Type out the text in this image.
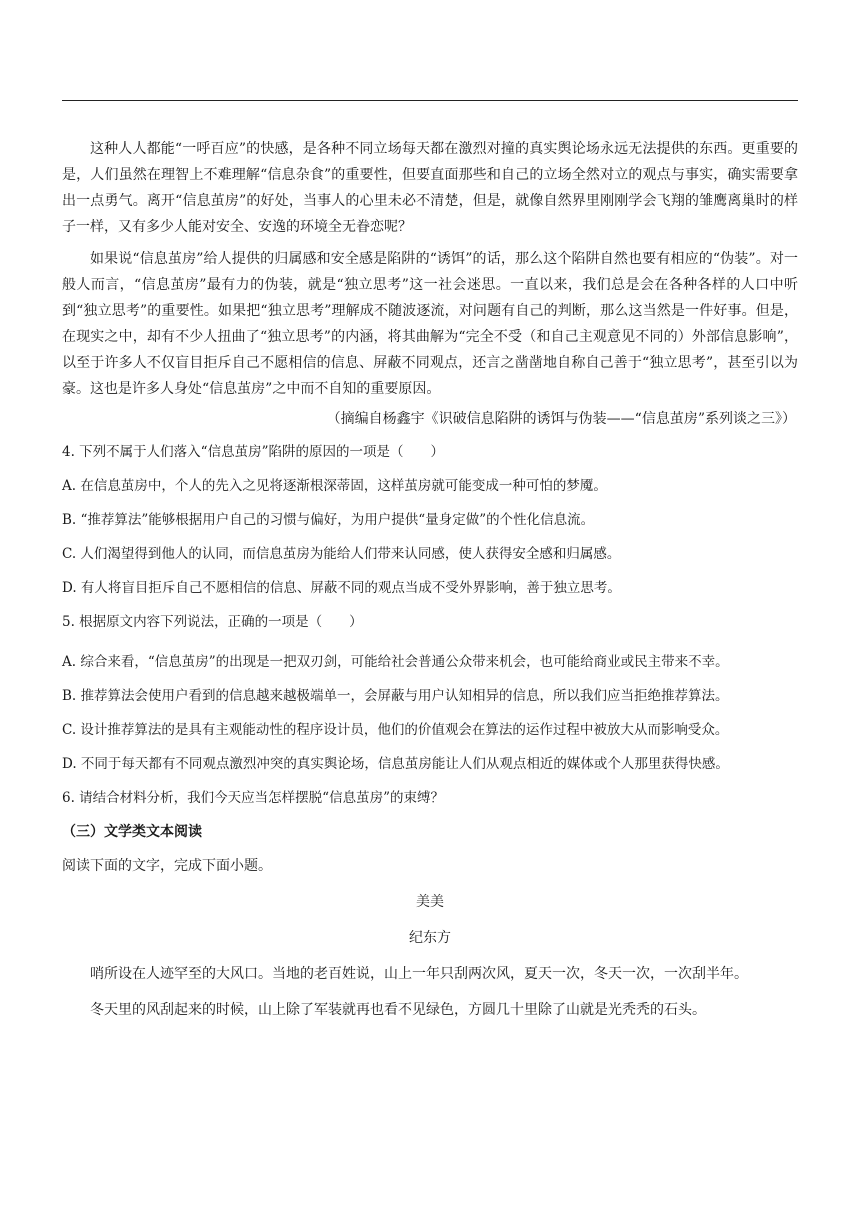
这种人人都能“一呼百应”的快感，是各种不同立场每天都在激烈对撞的真实舆论场永远无法提供的东西。更重要的是，人们虽然在理智上不难理解“信息杂食”的重要性，但要直面那些和自己的立场全然对立的观点与事实，确实需要拿出一点勇气。离开“信息茧房”的好处，当事人的心里未必不清楚，但是，就像自然界里刚刚学会飞翔的雏鹰离巢时的样子一样，又有多少人能对安全、安逸的环境全无眷恋呢？

如果说“信息茧房”给人提供的归属感和安全感是陷阱的“诱饵”的话，那么这个陷阱自然也要有相应的“伪装”。对一般人而言，“信息茧房”最有力的伪装，就是“独立思考”这一社会迷思。一直以来，我们总是会在各种各样的人口中听到“独立思考”的重要性。如果把“独立思考”理解成不随波逐流，对问题有自己的判断，那么这当然是一件好事。但是，在现实之中，却有不少人扭曲了“独立思考”的内涵，将其曲解为“完全不受（和自己主观意见不同的）外部信息影响”，以至于许多人不仅盲目拒斥自己不愿相信的信息、屏蔽不同观点，还言之凿凿地自称自己善于“独立思考”，甚至引以为豪。这也是许多人身处“信息茧房”之中而不自知的重要原因。

（摘编自杨鑫宇《识破信息陷阱的诱饵与伪装——“信息茧房”系列谈之三》）

4. 下列不属于人们落入“信息茧房”陷阱的原因的一项是（　　）

A. 在信息茧房中，个人的先入之见将逐渐根深蒂固，这样茧房就可能变成一种可怕的梦魇。

B. “推荐算法”能够根据用户自己的习惯与偏好，为用户提供“量身定做”的个性化信息流。

C. 人们渴望得到他人的认同，而信息茧房为能给人们带来认同感，使人获得安全感和归属感。

D. 有人将盲目拒斥自己不愿相信的信息、屏蔽不同的观点当成不受外界影响，善于独立思考。

5. 根据原文内容下列说法，正确的一项是（　　）

A. 综合来看，“信息茧房”的出现是一把双刃剑，可能给社会普通公众带来机会，也可能给商业或民主带来不幸。

B. 推荐算法会使用户看到的信息越来越极端单一，会屏蔽与用户认知相异的信息，所以我们应当拒绝推荐算法。

C. 设计推荐算法的是具有主观能动性的程序设计员，他们的价值观会在算法的运作过程中被放大从而影响受众。

D. 不同于每天都有不同观点激烈冲突的真实舆论场，信息茧房能让人们从观点相近的媒体或个人那里获得快感。

6. 请结合材料分析，我们今天应当怎样摆脱“信息茧房”的束缚？

（三）文学类文本阅读

阅读下面的文字，完成下面小题。

美美

纪东方

哨所设在人迹罕至的大风口。当地的老百姓说，山上一年只刮两次风，夏天一次，冬天一次，一次刮半年。

冬天里的风刮起来的时候，山上除了军装就再也看不见绿色，方圆几十里除了山就是光秃秃的石头。
